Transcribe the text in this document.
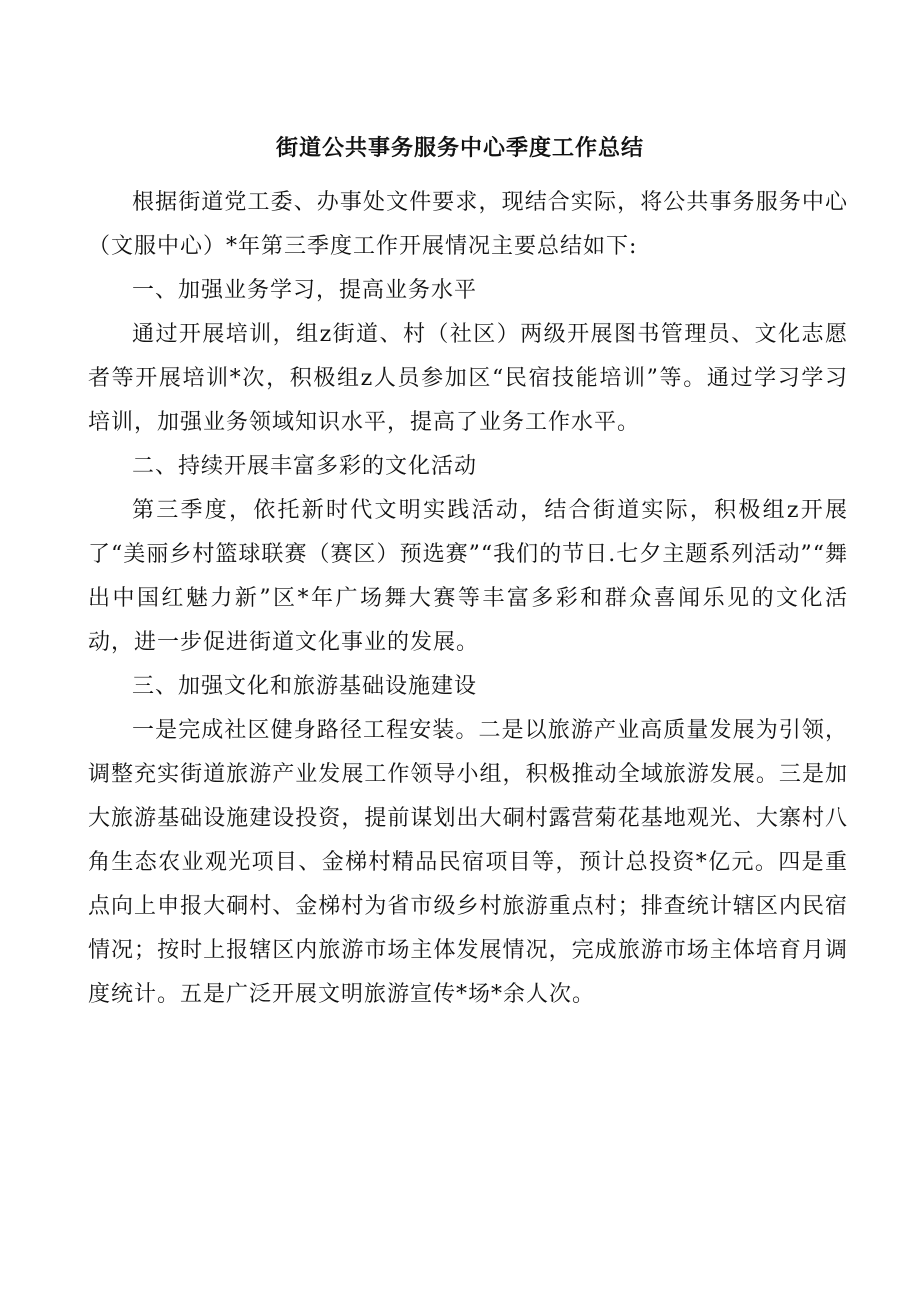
街道公共事务服务中心季度工作总结

根据街道党工委、办事处文件要求，现结合实际，将公共事务服务中心（文服中心）*年第三季度工作开展情况主要总结如下:

一、加强业务学习，提高业务水平

通过开展培训，组z街道、村（社区）两级开展图书管理员、文化志愿者等开展培训*次，积极组z人员参加区“民宿技能培训”等。通过学习学习培训，加强业务领域知识水平，提高了业务工作水平。

二、持续开展丰富多彩的文化活动

第三季度，依托新时代文明实践活动，结合街道实际，积极组z开展了“美丽乡村篮球联赛（赛区）预选赛”“我们的节日.七夕主题系列活动”“舞出中国红魅力新”区*年广场舞大赛等丰富多彩和群众喜闻乐见的文化活动，进一步促进街道文化事业的发展。

三、加强文化和旅游基础设施建设

一是完成社区健身路径工程安装。二是以旅游产业高质量发展为引领，调整充实街道旅游产业发展工作领导小组，积极推动全域旅游发展。三是加大旅游基础设施建设投资，提前谋划出大硐村露营菊花基地观光、大寨村八角生态农业观光项目、金梯村精品民宿项目等，预计总投资*亿元。四是重点向上申报大硐村、金梯村为省市级乡村旅游重点村；排查统计辖区内民宿情况；按时上报辖区内旅游市场主体发展情况，完成旅游市场主体培育月调度统计。五是广泛开展文明旅游宣传*场*余人次。
